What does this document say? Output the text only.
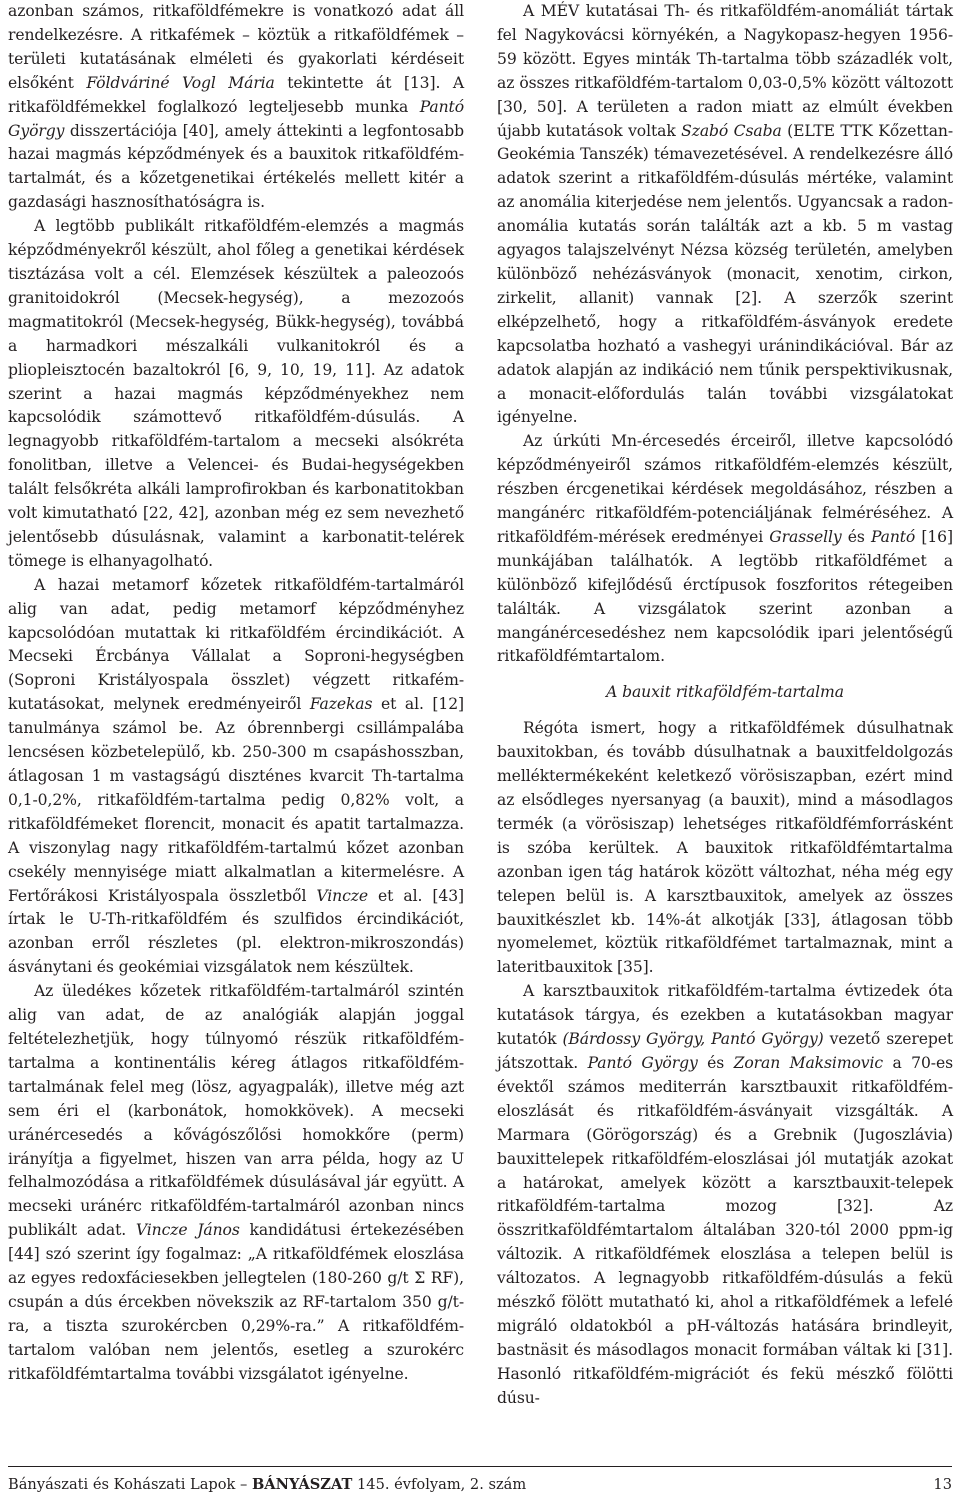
azonban számos, ritkaföldfémekre is vonatkozó adat áll rendelkezésre. A ritkafémek – köztük a ritkaföldfémek – területi kutatásának elméleti és gyakorlati kérdéseit elsőként Földváriné Vogl Mária tekintette át [13]. A ritkaföldfémekkel foglalkozó legteljesebb munka Pantó György disszertációja [40], amely áttekinti a legfontosabb hazai magmás képződmények és a bauxitok ritkaföldfém-tartalmát, és a kőzetgenetikai értékelés mellett kitér a gazdasági hasznosíthatóságra is.

A legtöbb publikált ritkaföldfém-elemzés a magmás képződményekről készült, ahol főleg a genetikai kérdések tisztázása volt a cél. Elemzések készültek a paleozoós granitoidokról (Mecsek-hegység), a mezozoós magmatitokról (Mecsek-hegység, Bükk-hegység), továbbá a harmadkori mészalkáli vulkanitokról és a pliopleisztocén bazaltokról [6, 9, 10, 19, 11]. Az adatok szerint a hazai magmás képződményekhez nem kapcsolódik számottevő ritkaföldfém-dúsulás. A legnagyobb ritkaföldfém-tartalom a mecseki alsókréta fonolitban, illetve a Velencei- és Budai-hegységekben talált felsőkréta alkáli lamprofirokban és karbonatitokban volt kimutatható [22, 42], azonban még ez sem nevezhető jelentősebb dúsulásnak, valamint a karbonatit-telérek tömege is elhanyagolható.

A hazai metamorf kőzetek ritkaföldfém-tartalmáról alig van adat, pedig metamorf képződményhez kapcsolódóan mutattak ki ritkaföldfém ércindikációt. A Mecseki Ércbánya Vállalat a Soproni-hegységben (Soproni Kristályospala összlet) végzett ritkafém-kutatásokat, melynek eredményeiről Fazekas et al. [12] tanulmánya számol be. Az óbrennbergi csillámpalába lencsésen közbetelepülő, kb. 250-300 m csapáshosszban, átlagosan 1 m vastagságú diszténes kvarcit Th-tartalma 0,1-0,2%, ritkaföldfém-tartalma pedig 0,82% volt, a ritkaföldfémeket florencit, monacit és apatit tartalmazza. A viszonylag nagy ritkaföldfém-tartalmú kőzet azonban csekély mennyisége miatt alkalmatlan a kitermelésre. A Fertőrákosi Kristályospala összletből Vincze et al. [43] írtak le U-Th-ritkaföldfém és szulfidos ércindikációt, azonban erről részletes (pl. elektron-mikroszondás) ásványtani és geokémiai vizsgálatok nem készültek.

Az üledékes kőzetek ritkaföldfém-tartalmáról szintén alig van adat, de az analógiák alapján joggal feltételezhetjük, hogy túlnyomó részük ritkaföldfém-tartalma a kontinentális kéreg átlagos ritkaföldfém-tartalmának felel meg (lösz, agyagpalák), illetve még azt sem éri el (karbonátok, homokkövek). A mecseki uránércesedés a kővágószőlősi homokkőre (perm) irányítja a figyelmet, hiszen van arra példa, hogy az U felhalmozódása a ritkaföldfémek dúsulásával jár együtt. A mecseki uránérc ritkaföldfém-tartalmáról azonban nincs publikált adat. Vincze János kandidátusi értekezésében [44] szó szerint így fogalmaz: „A ritkaföldfémek eloszlása az egyes redoxfáciesekben jellegtelen (180-260 g/t Σ RF), csupán a dús ércekben növekszik az RF-tartalom 350 g/t-ra, a tiszta szurokércben 0,29%-ra.” A ritkaföldfém-tartalom valóban nem jelentős, esetleg a szurokérc ritkaföldfémtartalma további vizsgálatot igényelne.

A MÉV kutatásai Th- és ritkaföldfém-anomáliát tártak fel Nagykovácsi környékén, a Nagykopasz-hegyen 1956-59 között. Egyes minták Th-tartalma több századlék volt, az összes ritkaföldfém-tartalom 0,03-0,5% között változott [30, 50]. A területen a radon miatt az elmúlt években újabb kutatások voltak Szabó Csaba (ELTE TTK Kőzettan-Geokémia Tanszék) témavezetésével. A rendelkezésre álló adatok szerint a ritkaföldfém-dúsulás mértéke, valamint az anomália kiterjedése nem jelentős. Ugyancsak a radon-anomália kutatás során találták azt a kb. 5 m vastag agyagos talajszelvényt Nézsa község területén, amelyben különböző nehézásványok (monacit, xenotim, cirkon, zirkelit, allanit) vannak [2]. A szerzők szerint elképzelhető, hogy a ritkaföldfém-ásványok eredete kapcsolatba hozható a vashegyi uránindikációval. Bár az adatok alapján az indikáció nem tűnik perspektivikusnak, a monacit-előfordulás talán további vizsgálatokat igényelne.

Az úrkúti Mn-ércesedés érceiről, illetve kapcsolódó képződményeiről számos ritkaföldfém-elemzés készült, részben ércgenetikai kérdések megoldásához, részben a mangánérc ritkaföldfém-potenciáljának felméréséhez. A ritkaföldfém-mérések eredményei Grasselly és Pantó [16] munkájában találhatók. A legtöbb ritkaföldfémet a különböző kifejlődésű érctípusok foszforitos rétegeiben találták. A vizsgálatok szerint azonban a mangánércesedéshez nem kapcsolódik ipari jelentőségű ritkaföldfémtartalom.

A bauxit ritkaföldfém-tartalma

Régóta ismert, hogy a ritkaföldfémek dúsulhatnak bauxitokban, és tovább dúsulhatnak a bauxitfeldolgozás melléktermékeként keletkező vörösiszapban, ezért mind az elsődleges nyersanyag (a bauxit), mind a másodlagos termék (a vörösiszap) lehetséges ritkaföldfémforrásként is szóba kerültek. A bauxitok ritkaföldfémtartalma azonban igen tág határok között változhat, néha még egy telepen belül is. A karsztbauxitok, amelyek az összes bauxitkészlet kb. 14%-át alkotják [33], átlagosan több nyomelemet, köztük ritkaföldfémet tartalmaznak, mint a lateritbauxitok [35].

A karsztbauxitok ritkaföldfém-tartalma évtizedek óta kutatások tárgya, és ezekben a kutatásokban magyar kutatók (Bárdossy György, Pantó György) vezető szerepet játszottak. Pantó György és Zoran Maksimovic a 70-es évektől számos mediterrán karsztbauxit ritkaföldfém-eloszlását és ritkaföldfém-ásványait vizsgálták. A Marmara (Görögország) és a Grebnik (Jugoszlávia) bauxittelepek ritkaföldfém-eloszlásai jól mutatják azokat a határokat, amelyek között a karsztbauxit-telepek ritkaföldfém-tartalma mozog [32]. Az összritkaföldfémtartalom általában 320-tól 2000 ppm-ig változik. A ritkaföldfémek eloszlása a telepen belül is változatos. A legnagyobb ritkaföldfém-dúsulás a fekü mészkő fölött mutatható ki, ahol a ritkaföldfémek a lefelé migráló oldatokból a pH-változás hatására brindleyit, bastnäsit és másodlagos monacit formában váltak ki [31]. Hasonló ritkaföldfém-migrációt és fekü mészkő fölötti dúsu-

Bányászati és Kohászati Lapok – BÁNYÁSZAT 145. évfolyam, 2. szám	13
